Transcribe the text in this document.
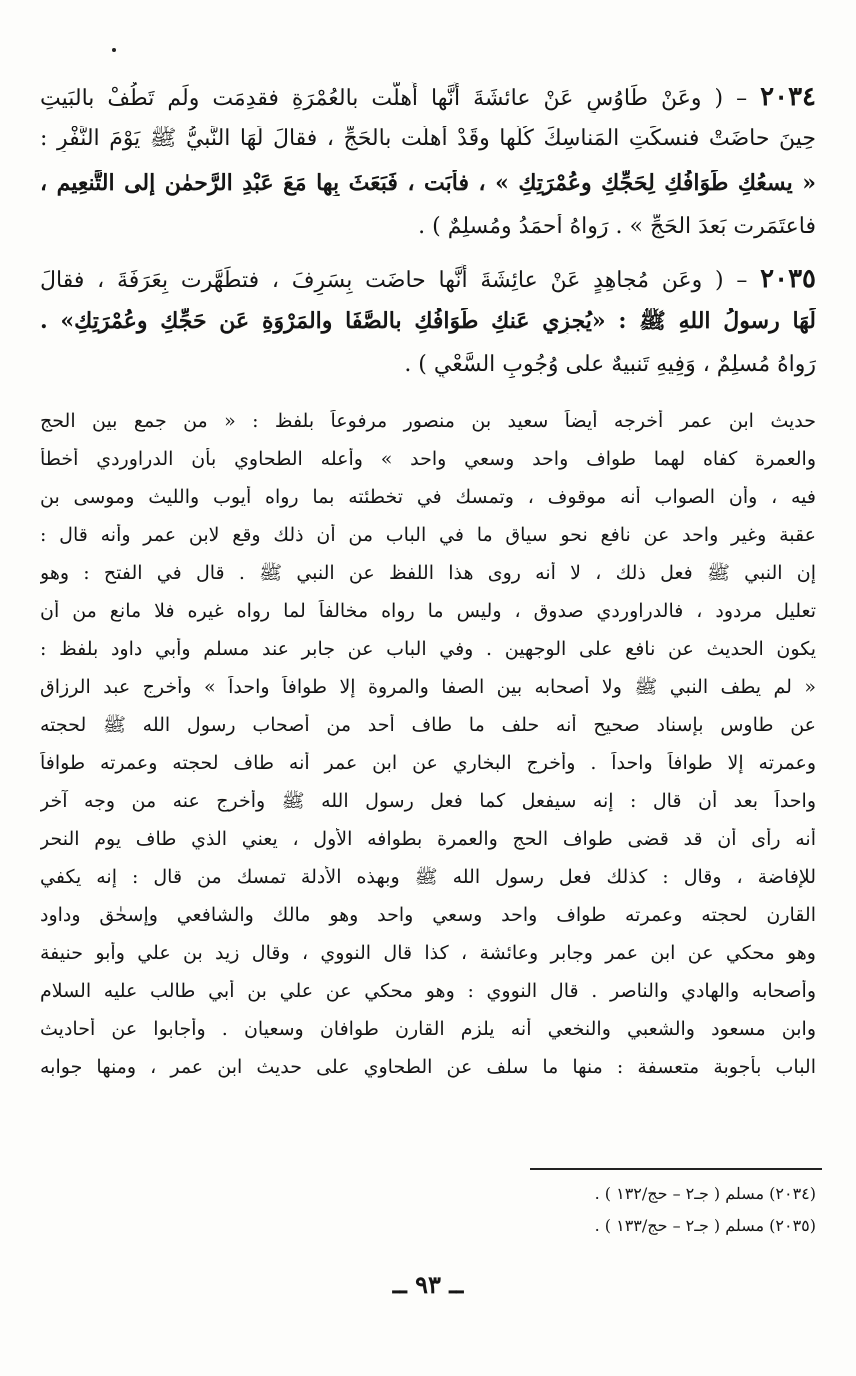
٢٠٣٤ – ( وعَنْ طَاوُسٍ عَنْ عائشَةَ أَنَّها أَهلَّت بالعُمْرَةِ فقدِمَت ولَم تَطُفْ بالبَيتِ
حِينَ حاضَتْ فنسكَتِ المَناسِكَ كُلَّها وقَدْ أَهلَّت بالحَجِّ ، فقالَ لَهَا النَّبيُّ ﷺ يَوْمَ النَّفْرِ :
« يسعُكِ طَوَافُكِ لِحَجِّكِ وعُمْرَتِكِ » ، فأبَت ، فَبَعَثَ بِها مَعَ عَبْدِ الرَّحمٰنِ إلى التَّنعِيمِ ،
فاعتَمَرت بَعدَ الحَجِّ » . رَواهُ أحمَدُ ومُسلِمٌ ) .
٢٠٣٥ – ( وعَن مُجاهِدٍ عَنْ عائِشَةَ أَنَّها حاضَت بِسَرِفَ ، فتطَهَّرت بِعَرَفَةَ ، فقالَ
لَهَا رسولُ اللهِ ﷺ : «يُجزِي عَنكِ طَوَافُكِ بالصَّفَا والمَرْوَةِ عَن حَجِّكِ وعُمْرَتِكِ» .
رَواهُ مُسلِمٌ ، وَفِيهِ تَنبيهٌ على وُجُوبِ السَّعْيِ ) .
حديث ابن عمر أخرجه أيضاً سعيد بن منصور مرفوعاً بلفظ : « من جمع بين الحج
والعمرة كفاه لهما طواف واحد وسعي واحد » وأعله الطحاوي بأن الدراوردي أخطأ
فيه ، وأن الصواب أنه موقوف ، وتمسك في تخطئته بما رواه أيوب والليث وموسى بن
عقبة وغير واحد عن نافع نحو سياق ما في الباب من أن ذلك وقع لابن عمر وأنه قال :
إن النبي ﷺ فعل ذلك ، لا أنه روى هذا اللفظ عن النبي ﷺ . قال في الفتح : وهو
تعليل مردود ، فالدراوردي صدوق ، وليس ما رواه مخالفاً لما رواه غيره فلا مانع من أن
يكون الحديث عن نافع على الوجهين . وفي الباب عن جابر عند مسلم وأبي داود بلفظ :
« لم يطف النبي ﷺ ولا أصحابه بين الصفا والمروة إلا طوافاً واحداً » وأخرج عبد الرزاق
عن طاوس بإسناد صحيح أنه حلف ما طاف أحد من أصحاب رسول الله ﷺ لحجته
وعمرته إلا طوافاً واحداً . وأخرج البخاري عن ابن عمر أنه طاف لحجته وعمرته طوافاً
واحداً بعد أن قال : إنه سيفعل كما فعل رسول الله ﷺ وأخرج عنه من وجه آخر
أنه رأى أن قد قضى طواف الحج والعمرة بطوافه الأول ، يعني الذي طاف يوم النحر
للإفاضة ، وقال : كذلك فعل رسول الله ﷺ وبهذه الأدلة تمسك من قال : إنه يكفي
القارن لحجته وعمرته طواف واحد وسعي واحد وهو مالك والشافعي وإسحٰق وداود
وهو محكي عن ابن عمر وجابر وعائشة ، كذا قال النووي ، وقال زيد بن علي وأبو حنيفة
وأصحابه والهادي والناصر . قال النووي : وهو محكي عن علي بن أبي طالب عليه السلام
وابن مسعود والشعبي والنخعي أنه يلزم القارن طوافان وسعيان . وأجابوا عن أحاديث
الباب بأجوبة متعسفة : منها ما سلف عن الطحاوي على حديث ابن عمر ، ومنها جوابه
(٢٠٣٤) مسلم ( جـ٢ – حج/١٣٢ ) .
(٢٠٣٥) مسلم ( جـ٢ – حج/١٣٣ ) .
ــ ٩٣ ــ
